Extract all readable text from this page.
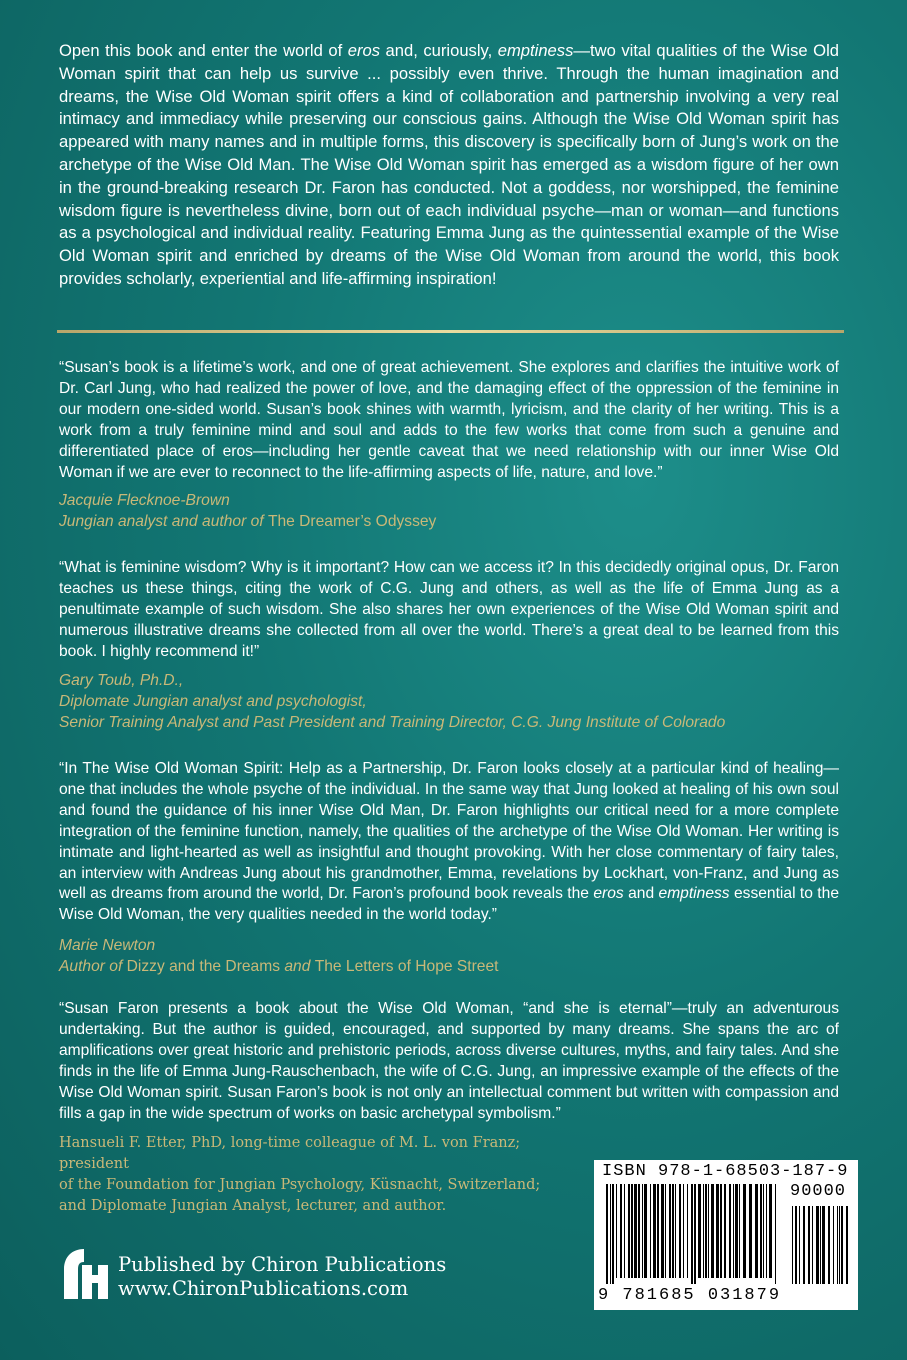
Open this book and enter the world of eros and, curiously, emptiness—two vital qualities of the Wise Old Woman spirit that can help us survive ... possibly even thrive. Through the human imagination and dreams, the Wise Old Woman spirit offers a kind of collaboration and partnership involving a very real intimacy and immediacy while preserving our conscious gains. Although the Wise Old Woman spirit has appeared with many names and in multiple forms, this discovery is specifically born of Jung’s work on the archetype of the Wise Old Man. The Wise Old Woman spirit has emerged as a wisdom figure of her own in the ground-breaking research Dr. Faron has conducted. Not a goddess, nor worshipped, the feminine wisdom figure is nevertheless divine, born out of each individual psyche—man or woman—and functions as a psychological and individual reality. Featuring Emma Jung as the quintessential example of the Wise Old Woman spirit and enriched by dreams of the Wise Old Woman from around the world, this book provides scholarly, experiential and life-affirming inspiration!

“Susan’s book is a lifetime’s work, and one of great achievement. She explores and clarifies the intuitive work of Dr. Carl Jung, who had realized the power of love, and the damaging effect of the oppression of the feminine in our modern one-sided world. Susan’s book shines with warmth, lyricism, and the clarity of her writing. This is a work from a truly feminine mind and soul and adds to the few works that come from such a genuine and differentiated place of eros—including her gentle caveat that we need relationship with our inner Wise Old Woman if we are ever to reconnect to the life-affirming aspects of life, nature, and love.”

Jacquie Flecknoe-Brown
Jungian analyst and author of The Dreamer’s Odyssey

“What is feminine wisdom? Why is it important? How can we access it? In this decidedly original opus, Dr. Faron teaches us these things, citing the work of C.G. Jung and others, as well as the life of Emma Jung as a penultimate example of such wisdom. She also shares her own experiences of the Wise Old Woman spirit and numerous illustrative dreams she collected from all over the world. There’s a great deal to be learned from this book. I highly recommend it!”

Gary Toub, Ph.D.,
Diplomate Jungian analyst and psychologist,
Senior Training Analyst and Past President and Training Director, C.G. Jung Institute of Colorado

“In The Wise Old Woman Spirit: Help as a Partnership, Dr. Faron looks closely at a particular kind of healing—one that includes the whole psyche of the individual. In the same way that Jung looked at healing of his own soul and found the guidance of his inner Wise Old Man, Dr. Faron highlights our critical need for a more complete integration of the feminine function, namely, the qualities of the archetype of the Wise Old Woman. Her writing is intimate and light-hearted as well as insightful and thought provoking. With her close commentary of fairy tales, an interview with Andreas Jung about his grandmother, Emma, revelations by Lockhart, von-Franz, and Jung as well as dreams from around the world, Dr. Faron’s profound book reveals the eros and emptiness essential to the Wise Old Woman, the very qualities needed in the world today.”

Marie Newton
Author of Dizzy and the Dreams and The Letters of Hope Street

“Susan Faron presents a book about the Wise Old Woman, “and she is eternal”—truly an adventurous undertaking. But the author is guided, encouraged, and supported by many dreams. She spans the arc of amplifications over great historic and prehistoric periods, across diverse cultures, myths, and fairy tales. And she finds in the life of Emma Jung-Rauschenbach, the wife of C.G. Jung, an impressive example of the effects of the Wise Old Woman spirit. Susan Faron’s book is not only an intellectual comment but written with compassion and fills a gap in the wide spectrum of works on basic archetypal symbolism.”

Hansueli F. Etter, PhD, long-time colleague of M. L. von Franz; president
of the Foundation for Jungian Psychology, Küsnacht, Switzerland;
and Diplomate Jungian Analyst, lecturer, and author.
Published by Chiron Publications
www.ChironPublications.com
ISBN 978-1-68503-187-9
90000
9 781685 031879
